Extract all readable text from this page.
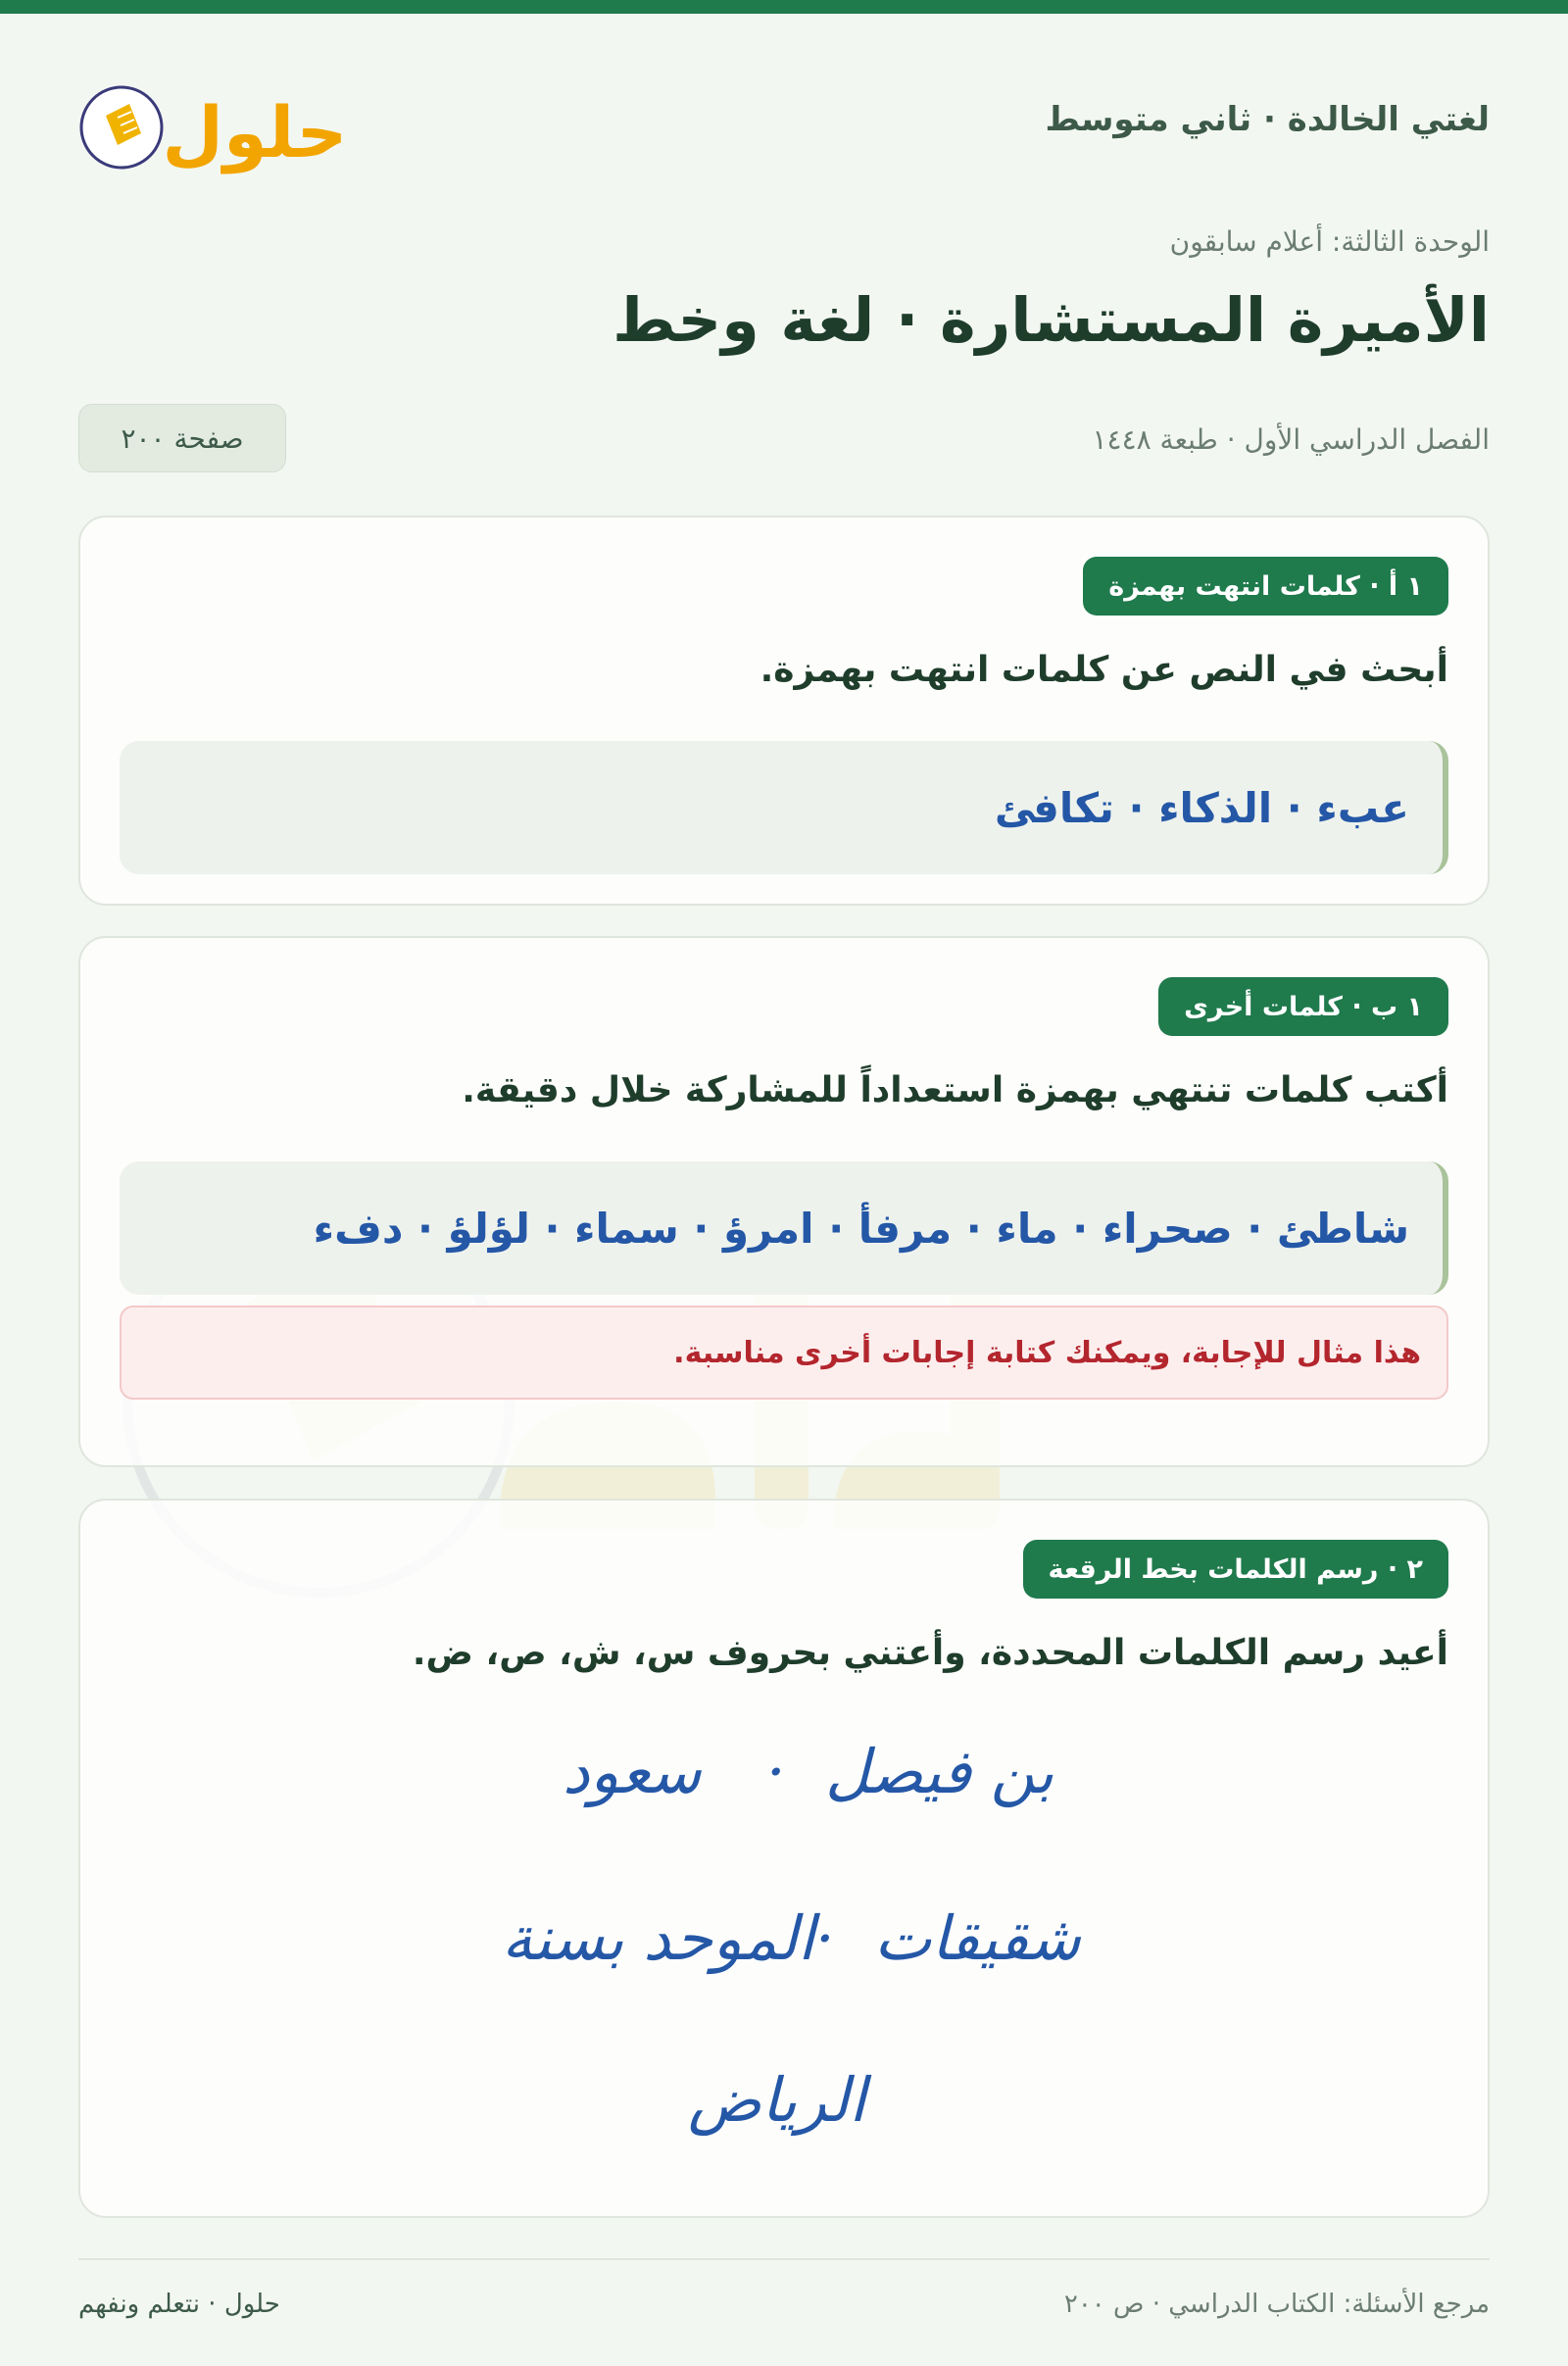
لغتي الخالدة · ثاني متوسط
حلول
الوحدة الثالثة: أعلام سابقون
الأميرة المستشارة · لغة وخط
الفصل الدراسي الأول · طبعة ١٤٤٨
صفحة ٢٠٠
١ أ · كلمات انتهت بهمزة
أبحث في النص عن كلمات انتهت بهمزة.
عبء · الذكاء · تكافئ
١ ب · كلمات أخرى
أكتب كلمات تنتهي بهمزة استعداداً للمشاركة خلال دقيقة.
شاطئ · صحراء · ماء · مرفأ · امرؤ · سماء · لؤلؤ · دفء
هذا مثال للإجابة، ويمكنك كتابة إجابات أخرى مناسبة.
٢ · رسم الكلمات بخط الرقعة
أعيد رسم الكلمات المحددة، وأعتني بحروف س، ش، ص، ض.
بن فيصل
·
سعود
شقيقات
·
الموحد بسنة
الرياض
مرجع الأسئلة: الكتاب الدراسي · ص ٢٠٠
حلول · نتعلم ونفهم
